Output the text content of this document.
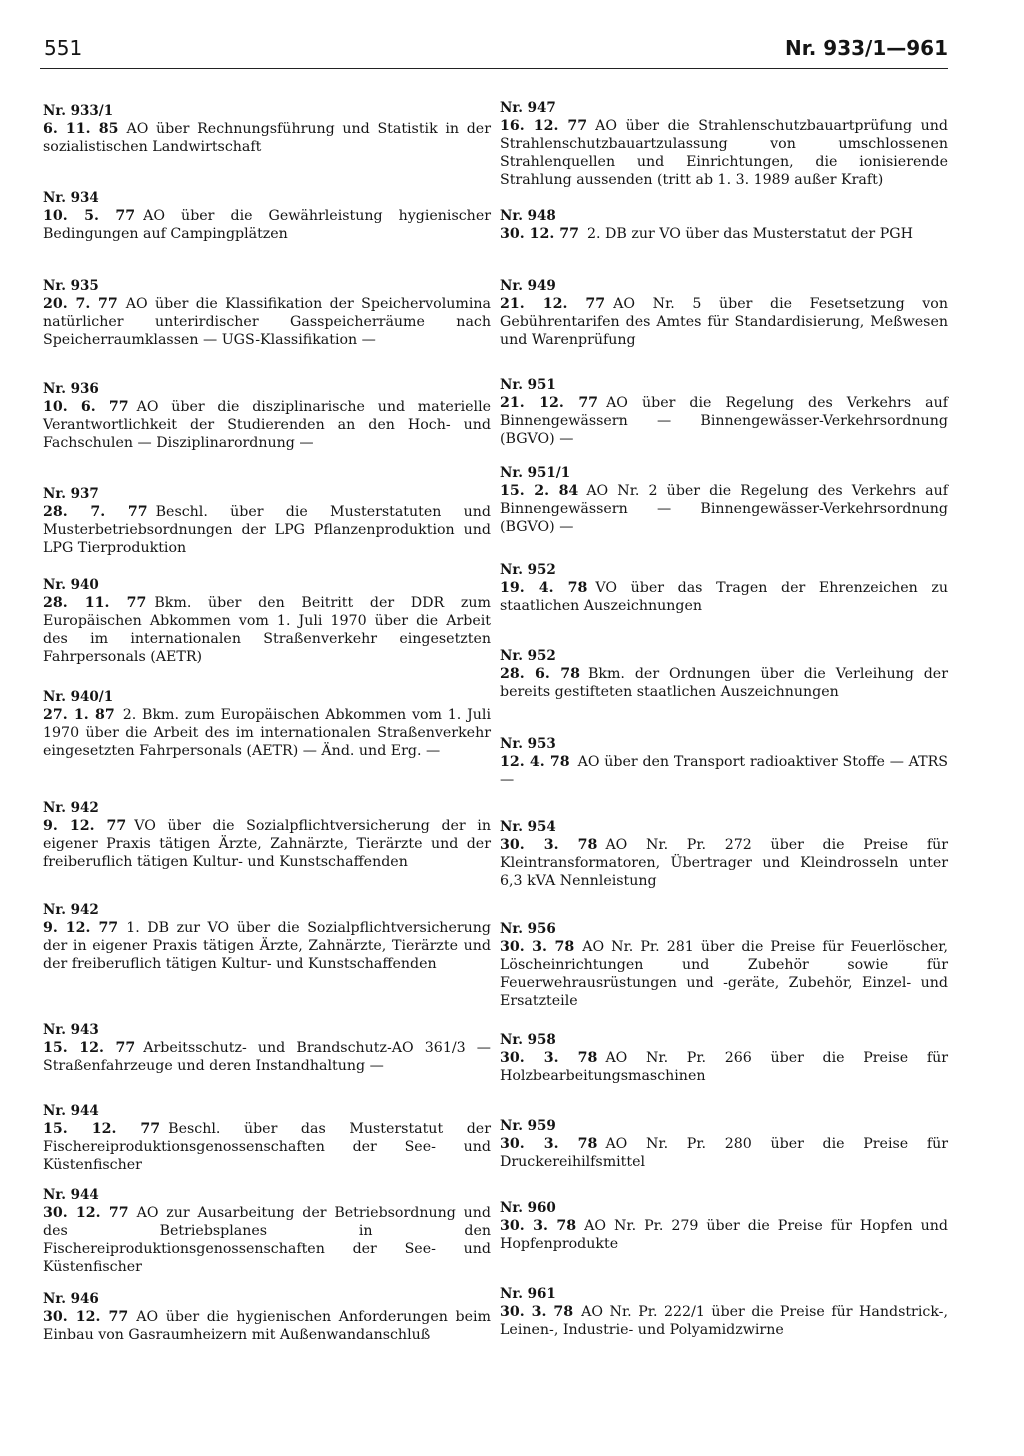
551	Nr. 933/1—961
Nr. 933/1
6. 11. 85 AO über Rechnungsführung und Statistik in der sozialistischen Landwirtschaft
Nr. 934
10. 5. 77 AO über die Gewährleistung hygienischer Bedingungen auf Campingplätzen
Nr. 935
20. 7. 77 AO über die Klassifikation der Speichervolumina natürlicher unterirdischer Gasspeicherräume nach Speicherraumklassen — UGS-Klassifikation —
Nr. 936
10. 6. 77 AO über die disziplinarische und materielle Verantwortlichkeit der Studierenden an den Hoch- und Fachschulen — Disziplinarordnung —
Nr. 937
28. 7. 77 Beschl. über die Musterstatuten und Musterbetriebsordnungen der LPG Pflanzenproduktion und LPG Tierproduktion
Nr. 940
28. 11. 77 Bkm. über den Beitritt der DDR zum Europäischen Abkommen vom 1. Juli 1970 über die Arbeit des im internationalen Straßenverkehr eingesetzten Fahrpersonals (AETR)
Nr. 940/1
27. 1. 87 2. Bkm. zum Europäischen Abkommen vom 1. Juli 1970 über die Arbeit des im internationalen Straßenverkehr eingesetzten Fahrpersonals (AETR) — Änd. und Erg. —
Nr. 942
9. 12. 77 VO über die Sozialpflichtversicherung der in eigener Praxis tätigen Ärzte, Zahnärzte, Tierärzte und der freiberuflich tätigen Kultur- und Kunstschaffenden
Nr. 942
9. 12. 77 1. DB zur VO über die Sozialpflichtversicherung der in eigener Praxis tätigen Ärzte, Zahnärzte, Tierärzte und der freiberuflich tätigen Kultur- und Kunstschaffenden
Nr. 943
15. 12. 77 Arbeitsschutz- und Brandschutz-AO 361/3 — Straßenfahrzeuge und deren Instandhaltung —
Nr. 944
15. 12. 77 Beschl. über das Musterstatut der Fischereiproduktionsgenossenschaften der See- und Küstenfischer
Nr. 944
30. 12. 77 AO zur Ausarbeitung der Betriebsordnung und des Betriebsplanes in den Fischereiproduktionsgenossenschaften der See- und Küstenfischer
Nr. 946
30. 12. 77 AO über die hygienischen Anforderungen beim Einbau von Gasraumheizern mit Außenwandanschluß
Nr. 947
16. 12. 77 AO über die Strahlenschutzbauartprüfung und Strahlenschutzbauartzulassung von umschlossenen Strahlenquellen und Einrichtungen, die ionisierende Strahlung aussenden (tritt ab 1. 3. 1989 außer Kraft)
Nr. 948
30. 12. 77 2. DB zur VO über das Musterstatut der PGH
Nr. 949
21. 12. 77 AO Nr. 5 über die Fesetsetzung von Gebührentarifen des Amtes für Standardisierung, Meßwesen und Warenprüfung
Nr. 951
21. 12. 77 AO über die Regelung des Verkehrs auf Binnengewässern — Binnengewässer-Verkehrsordnung (BGVO) —
Nr. 951/1
15. 2. 84 AO Nr. 2 über die Regelung des Verkehrs auf Binnengewässern — Binnengewässer-Verkehrsordnung (BGVO) —
Nr. 952
19. 4. 78 VO über das Tragen der Ehrenzeichen zu staatlichen Auszeichnungen
Nr. 952
28. 6. 78 Bkm. der Ordnungen über die Verleihung der bereits gestifteten staatlichen Auszeichnungen
Nr. 953
12. 4. 78 AO über den Transport radioaktiver Stoffe — ATRS —
Nr. 954
30. 3. 78 AO Nr. Pr. 272 über die Preise für Kleintransformatoren, Übertrager und Kleindrosseln unter 6,3 kVA Nennleistung
Nr. 956
30. 3. 78 AO Nr. Pr. 281 über die Preise für Feuerlöscher, Löscheinrichtungen und Zubehör sowie für Feuerwehrausrüstungen und -geräte, Zubehör, Einzel- und Ersatzteile
Nr. 958
30. 3. 78 AO Nr. Pr. 266 über die Preise für Holzbearbeitungsmaschinen
Nr. 959
30. 3. 78 AO Nr. Pr. 280 über die Preise für Druckereihilfsmittel
Nr. 960
30. 3. 78 AO Nr. Pr. 279 über die Preise für Hopfen und Hopfenprodukte
Nr. 961
30. 3. 78 AO Nr. Pr. 222/1 über die Preise für Handstrick-, Leinen-, Industrie- und Polyamidzwirne
